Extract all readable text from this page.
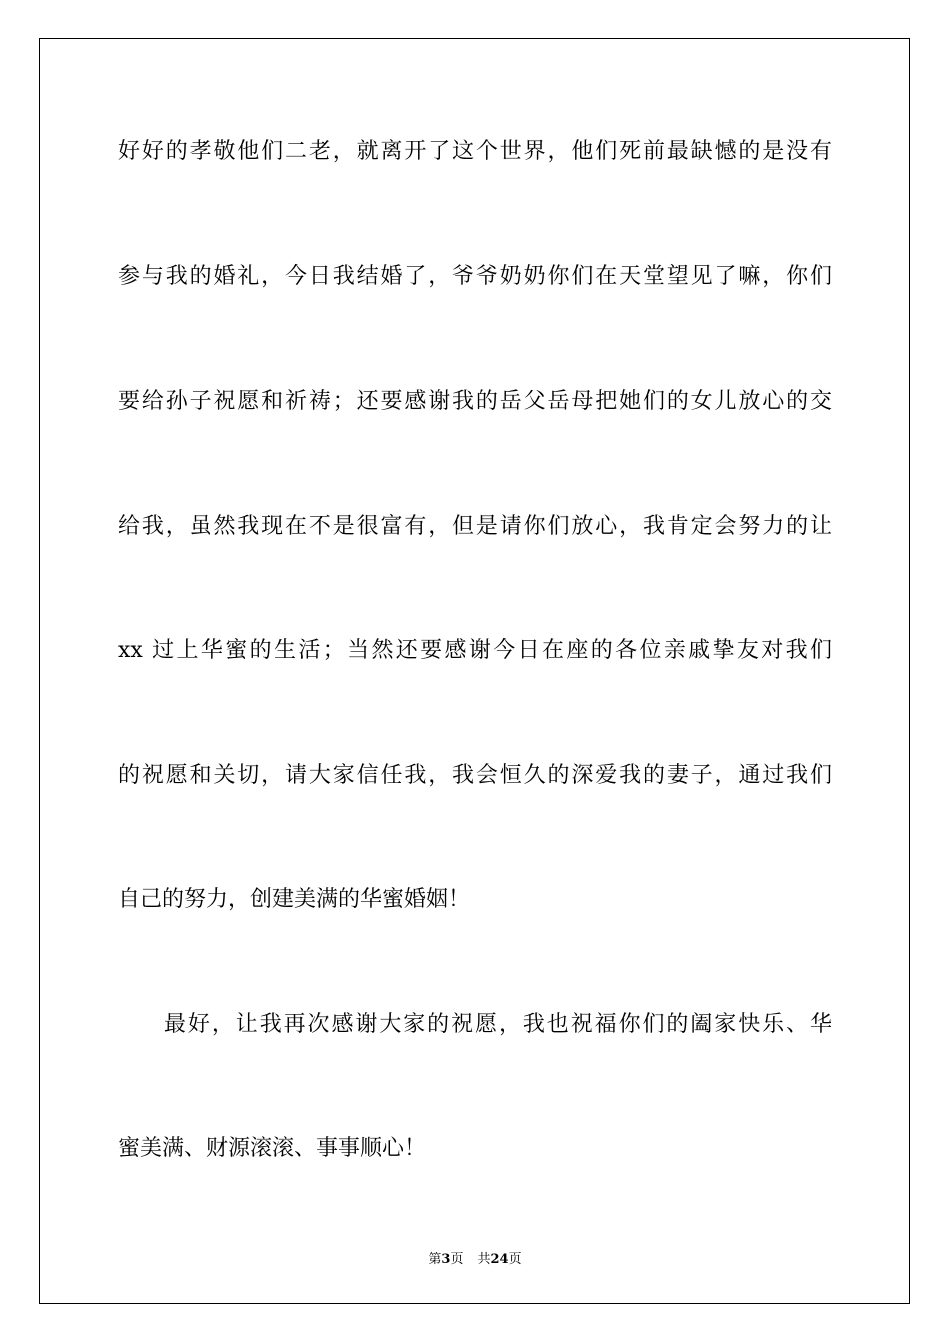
好好的孝敬他们二老，就离开了这个世界，他们死前最缺憾的是没有
参与我的婚礼，今日我结婚了，爷爷奶奶你们在天堂望见了嘛，你们
要给孙子祝愿和祈祷；还要感谢我的岳父岳母把她们的女儿放心的交
给我，虽然我现在不是很富有，但是请你们放心，我肯定会努力的让
xx 过上华蜜的生活；当然还要感谢今日在座的各位亲戚挚友对我们
的祝愿和关切，请大家信任我，我会恒久的深爱我的妻子，通过我们
自己的努力，创建美满的华蜜婚姻！
最好，让我再次感谢大家的祝愿，我也祝福你们的阖家快乐、华
蜜美满、财源滚滚、事事顺心！
第3页 共24页
